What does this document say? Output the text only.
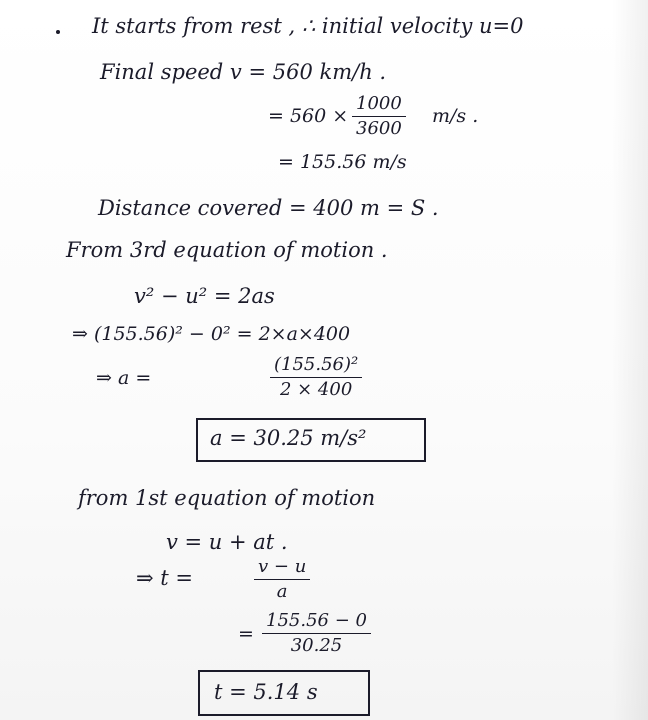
It starts from rest , ∴ initial velocity u=0
Final speed v = 560 km/h .
= 560 ×
1000
3600
m/s .
= 155.56 m/s
Distance covered = 400 m = S .
From 3rd equation of motion .
v² − u² = 2as
⇒ (155.56)² − 0² = 2×a×400
⇒ a =
(155.56)²
2 × 400
a = 30.25 m/s²
from 1st equation of motion
v = u + at .
⇒ t =	v − u
a
=
155.56 − 0
30.25
t = 5.14 s
